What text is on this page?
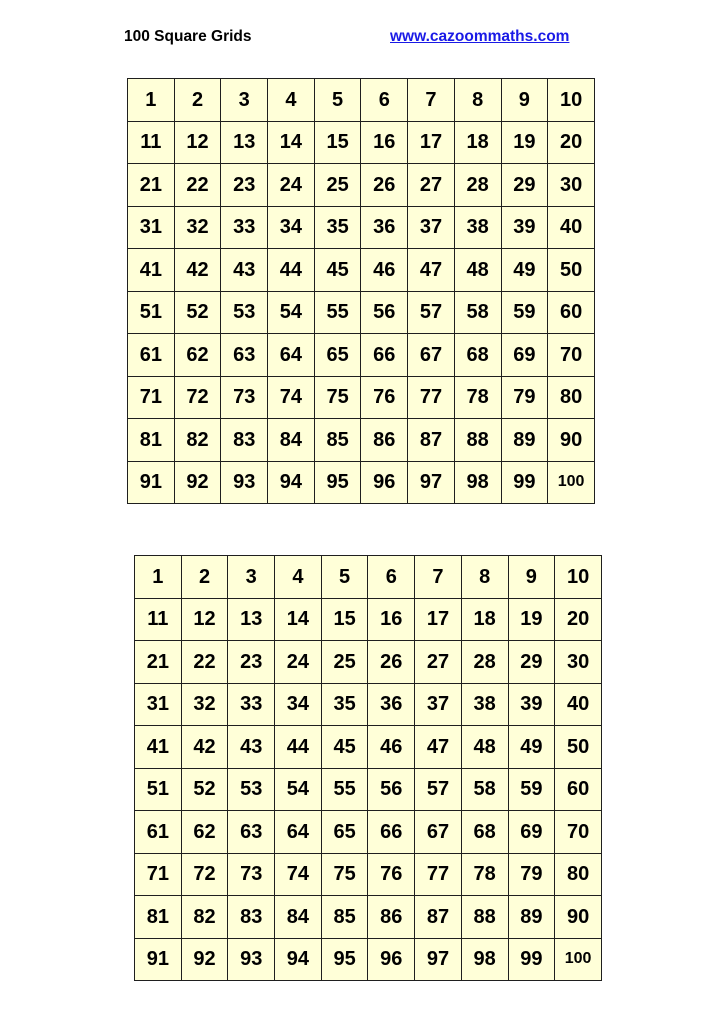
100 Square Grids	www.cazoommaths.com
1	2	3	4	5	6	7	8	9	10
11	12	13	14	15	16	17	18	19	20
21	22	23	24	25	26	27	28	29	30
31	32	33	34	35	36	37	38	39	40
41	42	43	44	45	46	47	48	49	50
51	52	53	54	55	56	57	58	59	60
61	62	63	64	65	66	67	68	69	70
71	72	73	74	75	76	77	78	79	80
81	82	83	84	85	86	87	88	89	90
91	92	93	94	95	96	97	98	99	100
1	2	3	4	5	6	7	8	9	10
11	12	13	14	15	16	17	18	19	20
21	22	23	24	25	26	27	28	29	30
31	32	33	34	35	36	37	38	39	40
41	42	43	44	45	46	47	48	49	50
51	52	53	54	55	56	57	58	59	60
61	62	63	64	65	66	67	68	69	70
71	72	73	74	75	76	77	78	79	80
81	82	83	84	85	86	87	88	89	90
91	92	93	94	95	96	97	98	99	100
